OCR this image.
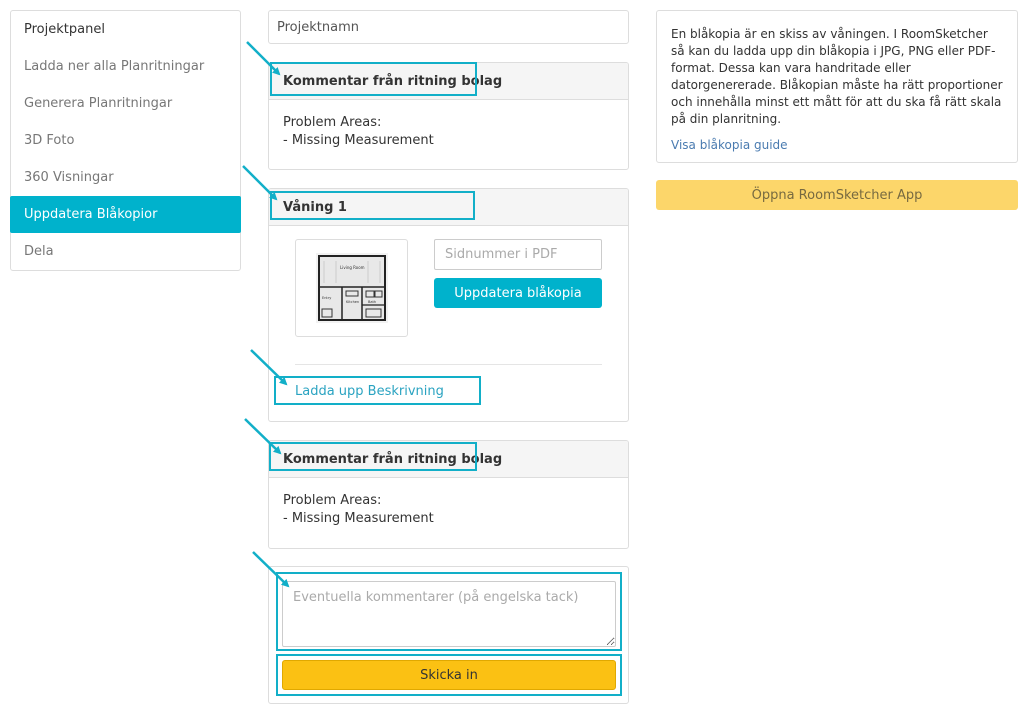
Projektpanel
Ladda ner alla Planritningar
Generera Planritningar
3D Foto
360 Visningar
Uppdatera Blåkopior
Dela
Projektnamn
Kommentar från ritning bolag
Problem Areas:
- Missing Measurement
Våning 1
Living Room
Kitchen	Bath
Entry
Sidnummer i PDF	Uppdatera blåkopia
Ladda upp Beskrivning
Kommentar från ritning bolag
Problem Areas:
- Missing Measurement
Eventuella kommentarer (på engelska tack)
Skicka in
En blåkopia är en skiss av våningen. I RoomSketcher så kan du ladda upp din blåkopia i JPG, PNG eller PDF-format. Dessa kan vara handritade eller datorgenererade. Blåkopian måste ha rätt proportioner och innehålla minst ett mått för att du ska få rätt skala på din planritning.
Visa blåkopia guide
Öppna RoomSketcher App
